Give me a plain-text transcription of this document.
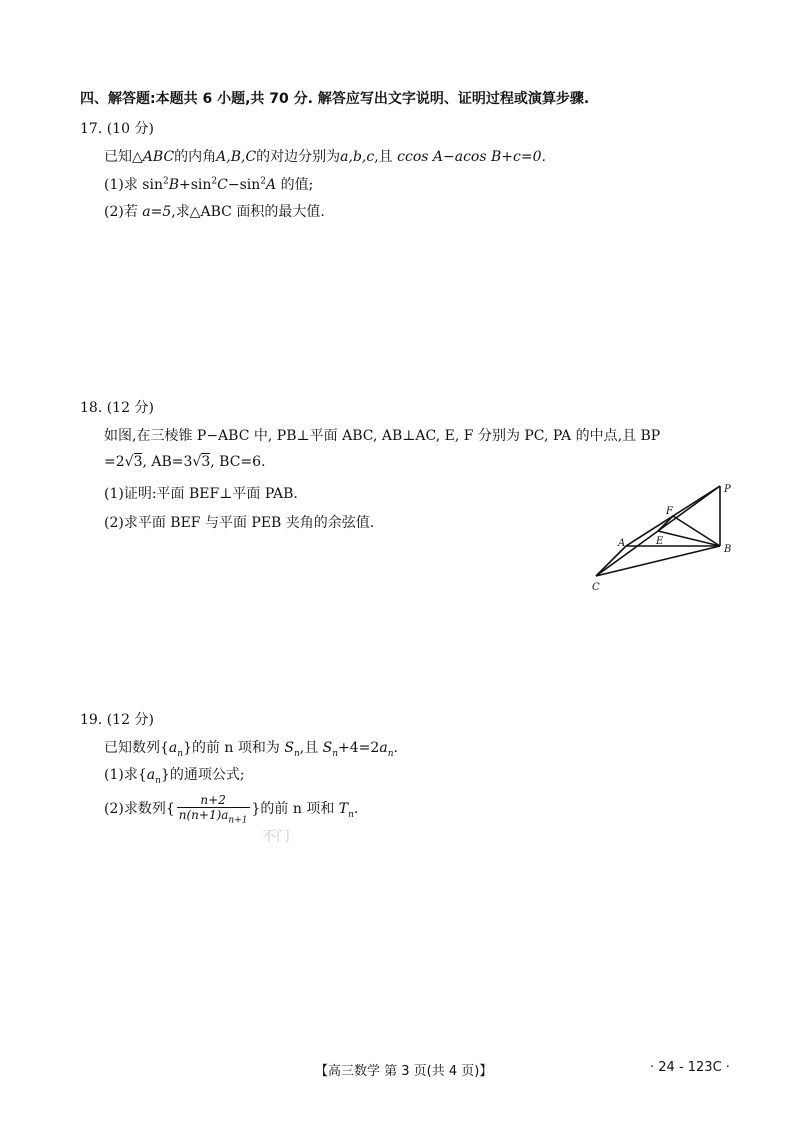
四、解答题:本题共 6 小题,共 70 分. 解答应写出文字说明、证明过程或演算步骤.
17. (10 分)
已知△ABC的内角A,B,C的对边分别为a,b,c,且 ccos A−acos B+c=0.
(1)求 $\sin^2B+\sin^2C-\sin^2A$ 的值;
(2)若 a=5,求△ABC 面积的最大值.
18. (12 分)
如图,在三棱锥 P−ABC 中, PB⊥平面 ABC, AB⊥AC, E, F 分别为 PC, PA 的中点,且 BP
=2√3, AB=3√3, BC=6.
(1)证明:平面 BEF⊥平面 PAB.
(2)求平面 BEF 与平面 PEB 夹角的余弦值.
P
F
A	E
B
C
19. (12 分)
已知数列$\{a_n\}$的前 n 项和为 $S_n$,且 $S_n+4=2a_n$.
(1)求$\{a_n\}$的通项公式;
(2)求数列{ $\frac{n+2}{n(n+1)a_{n+1}}$ }的前 n 项和 $T_n$.
不门
【高三数学 第 3 页(共 4 页)】	· 24 - 123C ·
